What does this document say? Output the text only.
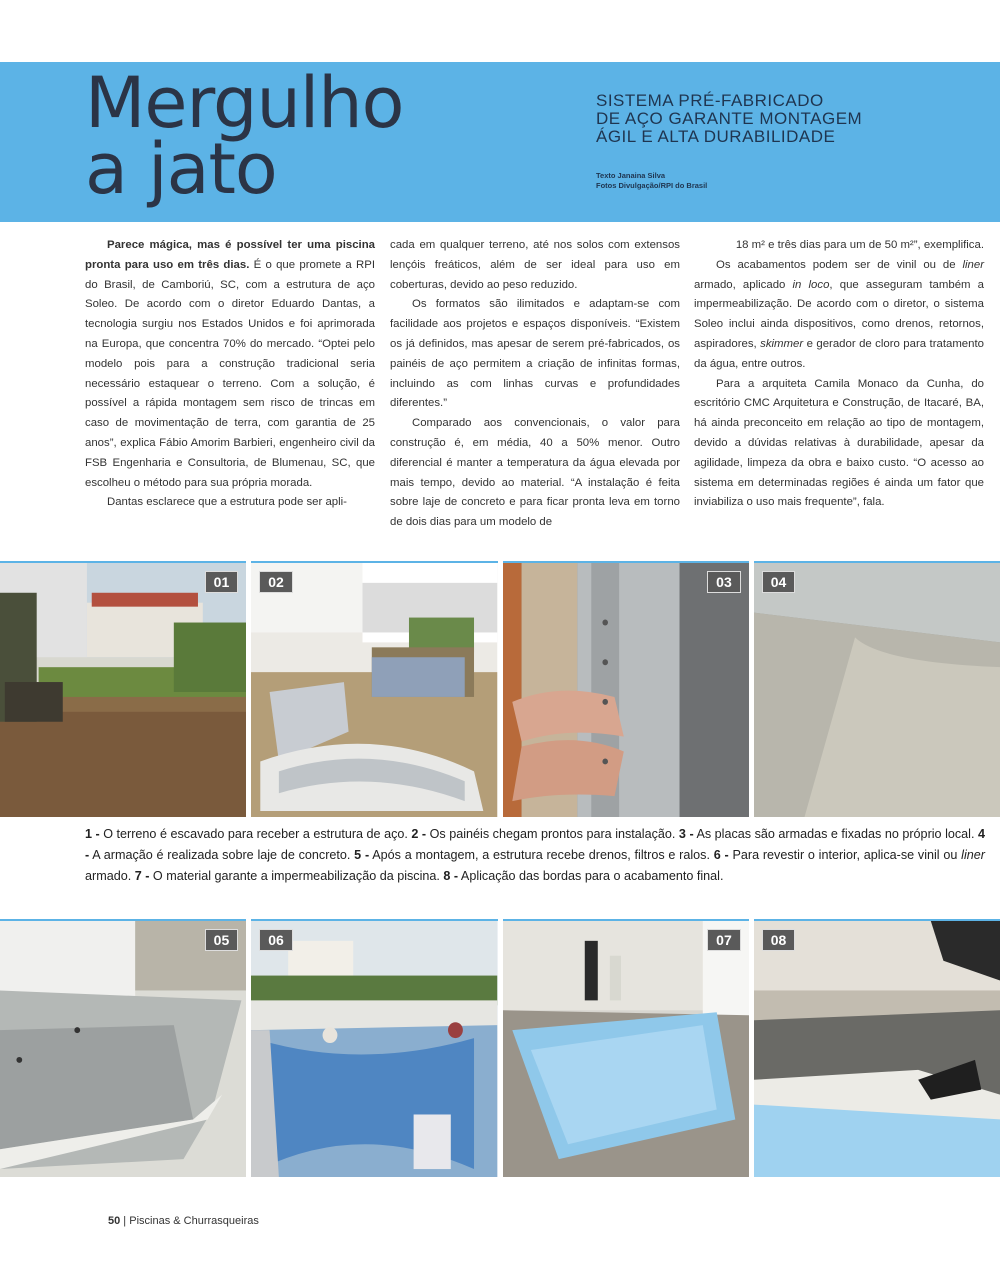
Mergulho
a jato
SISTEMA PRÉ-FABRICADO
DE AÇO GARANTE MONTAGEM
ÁGIL E ALTA DURABILIDADE
Texto Janaina Silva
Fotos Divulgação/RPI do Brasil

Parece mágica, mas é possível ter uma piscina pronta para uso em três dias. É o que promete a RPI do Brasil, de Camboriú, SC, com a estrutura de aço Soleo. De acordo com o diretor Eduardo Dantas, a tecnologia surgiu nos Estados Unidos e foi aprimorada na Europa, que concentra 70% do mercado. “Optei pelo modelo pois para a construção tradicional seria necessário estaquear o terreno. Com a solução, é possível a rápida montagem sem risco de trincas em caso de movimentação de terra, com garantia de 25 anos”, explica Fábio Amorim Barbieri, engenheiro civil da FSB Engenharia e Consultoria, de Blumenau, SC, que escolheu o método para sua própria morada.

Dantas esclarece que a estrutura pode ser apli-

cada em qualquer terreno, até nos solos com extensos lençóis freáticos, além de ser ideal para uso em coberturas, devido ao peso reduzido.

Os formatos são ilimitados e adaptam-se com facilidade aos projetos e espaços disponíveis. “Existem os já definidos, mas apesar de serem pré-fabricados, os painéis de aço permitem a criação de infinitas formas, incluindo as com linhas curvas e profundidades diferentes.”

Comparado aos convencionais, o valor para construção é, em média, 40 a 50% menor. Outro diferencial é manter a temperatura da água elevada por mais tempo, devido ao material. “A instalação é feita sobre laje de concreto e para ficar pronta leva em torno de dois dias para um modelo de

18 m² e três dias para um de 50 m²”, exemplifica.

Os acabamentos podem ser de vinil ou de liner armado, aplicado in loco, que asseguram também a impermeabilização. De acordo com o diretor, o sistema Soleo inclui ainda dispositivos, como drenos, retornos, aspiradores, skimmer e gerador de cloro para tratamento da água, entre outros.

Para a arquiteta Camila Monaco da Cunha, do escritório CMC Arquitetura e Construção, de Itacaré, BA, há ainda preconceito em relação ao tipo de montagem, devido a dúvidas relativas à durabilidade, apesar da agilidade, limpeza da obra e baixo custo. “O acesso ao sistema em determinadas regiões é ainda um fator que inviabiliza o uso mais frequente”, fala.

01	02	03	04
1 - O terreno é escavado para receber a estrutura de aço. 2 - Os painéis chegam prontos para instalação. 3 - As placas são armadas e fixadas no próprio local. 4 - A armação é realizada sobre laje de concreto. 5 - Após a montagem, a estrutura recebe drenos, filtros e ralos. 6 - Para revestir o interior, aplica-se vinil ou liner armado. 7 - O material garante a impermeabilização da piscina. 8 - Aplicação das bordas para o acabamento final.
05	06	07	08
50 | Piscinas & Churrasqueiras
